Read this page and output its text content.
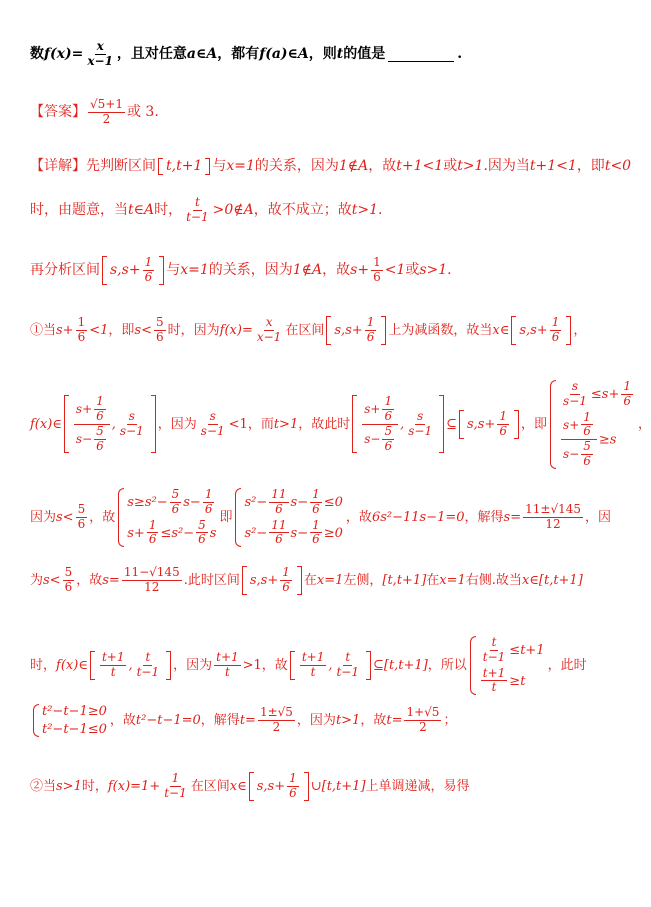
数 $f(x)= \frac{x}{x-1}$ ，且对任意 a∈A ，都有 f(a)∈A ，则 t 的值是	.
【答案】 $\frac{√5+1}{2}$ 或 3.
【详解】 先判断区间 t,t+1 与 x=1 的关系，因为 1∉A ，故 t+1<1 或 t>1 .因为当 t+1<1 ，即 t<0
时，由题意，当 t∈A 时， $\frac{t}{t-1}$ >0∉A ，故不成立；故 t>1 .
再分析区间 $s,s+ \frac{1}{6}$ 与 x=1 的关系，因为 1∉A ，故 $s+ \frac{1}{6} <1$ 或 s>1 .
①当 $s+ \frac{1}{6} <1$ ，即 $s< \frac{5}{6}$ 时，因为 $f(x)= \frac{x}{x-1}$ 在区间 $s,s+ \frac{1}{6}$ 上为减函数，故当 x∈ $s,s+ \frac{1}{6}$ ，
f(x)∈ $\frac{s+ \frac{1}{6}}{s- \frac{5}{6}}$ , $\frac{s}{s-1}$ ，因为 $\frac{s}{s-1} <1$，而 t>1 ，故此时 $\frac{s+ \frac{1}{6}}{s- \frac{5}{6}}$ , $\frac{s}{s-1}$ ⊆ $s,s+ \frac{1}{6}$ ，即
$\frac{s}{s-1} \le s+ \frac{1}{6}$
$\frac{s+ \frac{1}{6}}{s- \frac{5}{6}} \ge s$
，
因为 $s< \frac{5}{6}$ ，故
$s\ge s^2- \frac{5}{6} s- \frac{1}{6}$
$s+ \frac{1}{6} \le s^2- \frac{5}{6}$ s
即
$s^2- \frac{11}{6} s- \frac{1}{6} \le 0$
$s^2- \frac{11}{6} s- \frac{1}{6} \ge 0$
，故 6s²−11s−1=0 ，解得 $s= \frac{11\pm√145}{12}$ ，因
为 $s< \frac{5}{6}$ ，故 $s= \frac{11-√145}{12}$ .此时区间 $s,s+ \frac{1}{6}$ 在 x=1 左侧， [t,t+1] 在 x=1 右侧.故当 x∈[t,t+1]
时， f(x)∈ $\frac{t+1}{t}$ , $\frac{t}{t-1}$ ，因为 $\frac{t+1}{t} >1$，故 $\frac{t+1}{t}$ , $\frac{t}{t-1}$ ⊆[t,t+1] ，所以
$\frac{t}{t-1} \le t+1$
$\frac{t+1}{t} \ge t$
，此时
t²−t−1≥0
t²−t−1≤0
，故 t²−t−1=0 ，解得 $t= \frac{1\pm√5}{2}$ ，因为 t>1 ，故 $t= \frac{1+√5}{2}$ ；
②当 s>1 时， $f(x)=1+ \frac{1}{t-1}$ 在区间 x∈ $s,s+ \frac{1}{6}$ ∪[t,t+1] 上单调递减，易得
